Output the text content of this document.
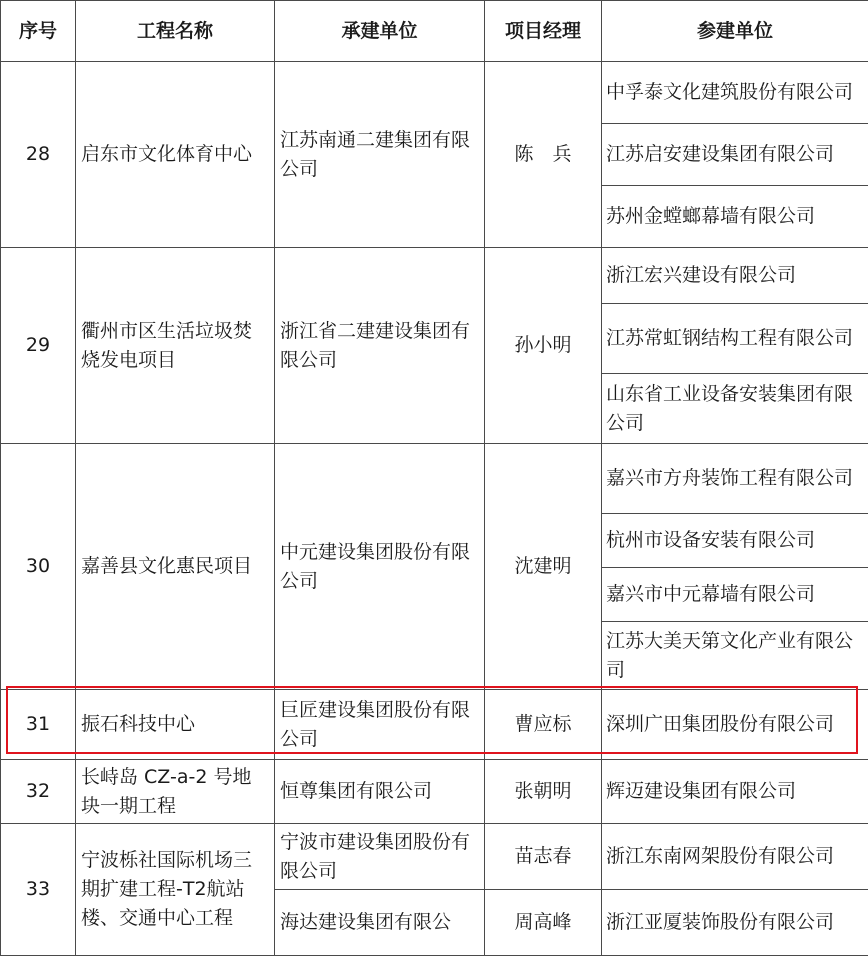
序号	工程名称	承建单位	项目经理	参建单位
28	启东市文化体育中心	江苏南通二建集团有限公司	陈　兵	中孚泰文化建筑股份有限公司
				江苏启安建设集团有限公司
				苏州金螳螂幕墙有限公司
29	衢州市区生活垃圾焚烧发电项目	浙江省二建建设集团有限公司	孙小明	浙江宏兴建设有限公司
				江苏常虹钢结构工程有限公司
				山东省工业设备安装集团有限公司
30	嘉善县文化惠民项目	中元建设集团股份有限公司	沈建明	嘉兴市方舟装饰工程有限公司
				杭州市设备安装有限公司
				嘉兴市中元幕墙有限公司
				江苏大美天第文化产业有限公司
31	振石科技中心	巨匠建设集团股份有限公司	曹应标	深圳广田集团股份有限公司
32	长峙岛 CZ-a-2 号地块一期工程	恒尊集团有限公司	张朝明	辉迈建设集团有限公司
33	宁波栎社国际机场三期扩建工程-T2航站楼、交通中心工程	宁波市建设集团股份有限公司	苗志春	浙江东南网架股份有限公司
		海达建设集团有限公	周高峰	浙江亚厦装饰股份有限公司
